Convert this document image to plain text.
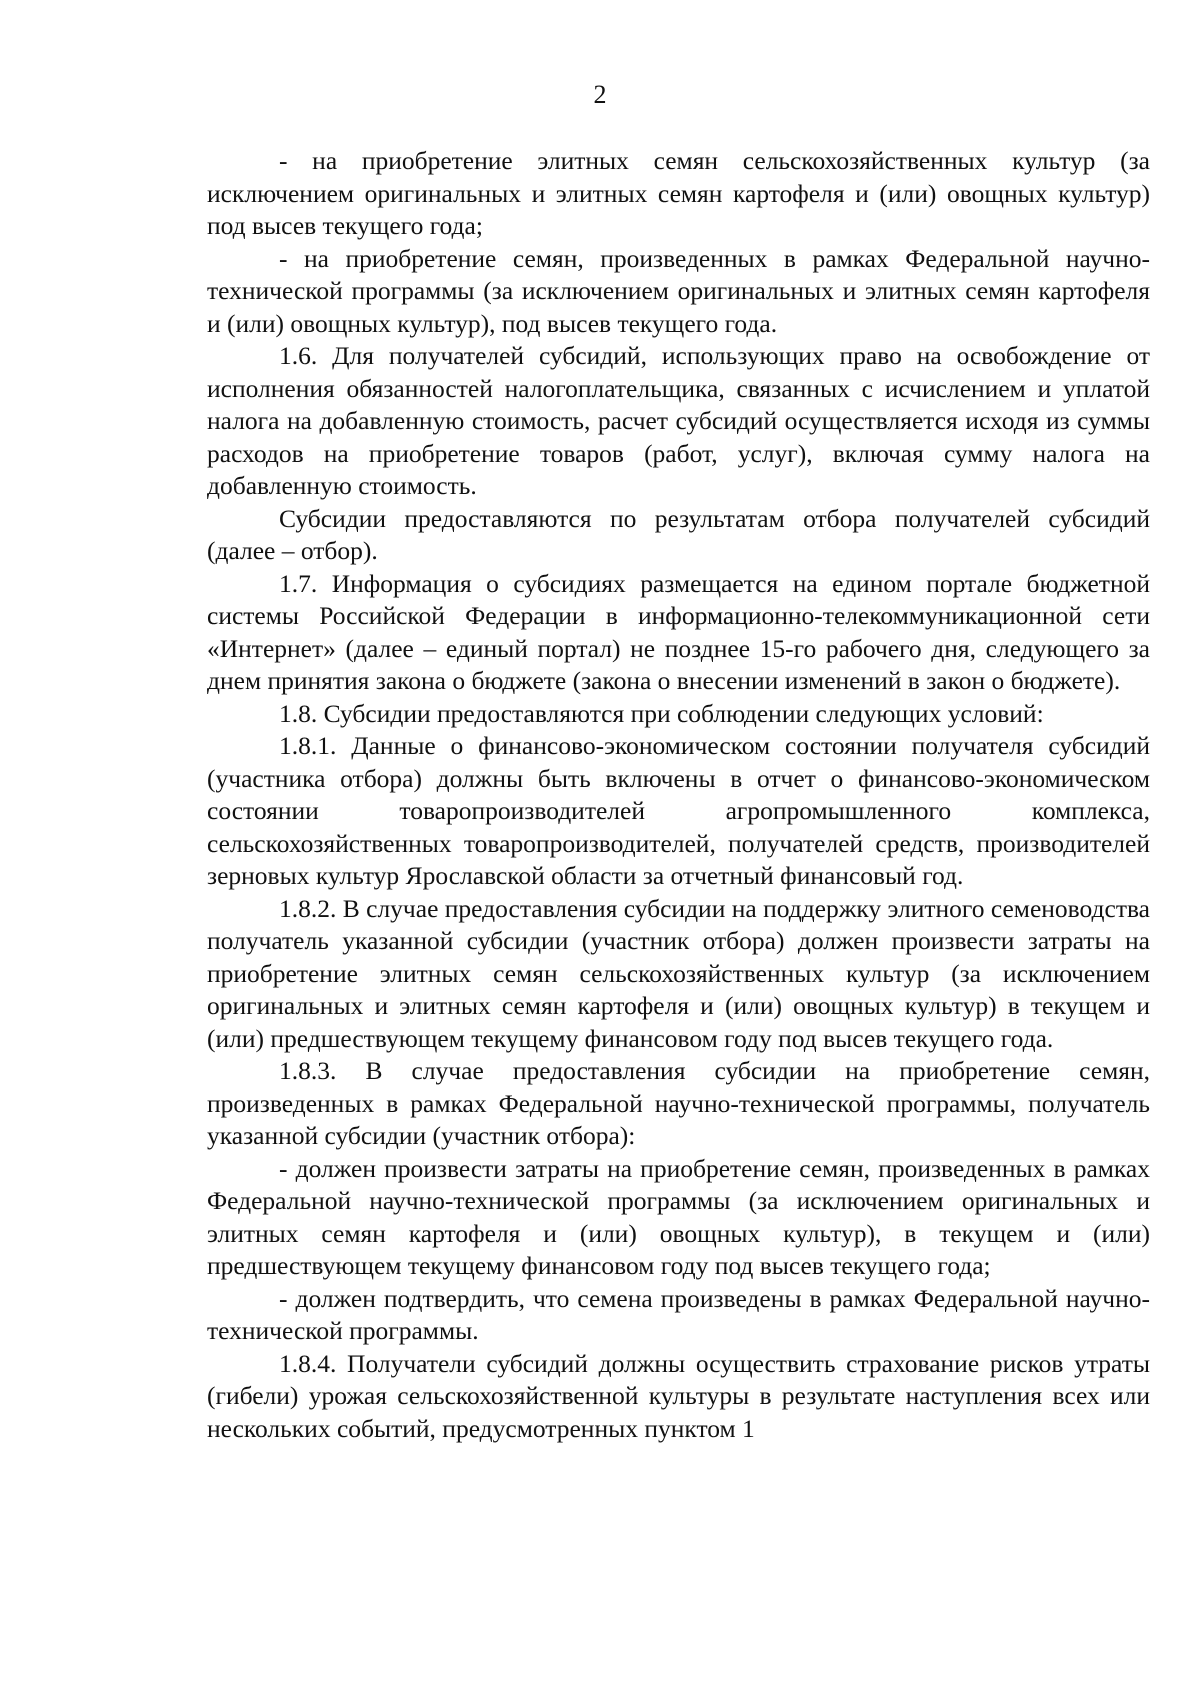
2

- на приобретение элитных семян сельскохозяйственных культур (за исключением оригинальных и элитных семян картофеля и (или) овощных культур) под высев текущего года;

- на приобретение семян, произведенных в рамках Федеральной научно-технической программы (за исключением оригинальных и элитных семян картофеля и (или) овощных культур), под высев текущего года.

1.6. Для получателей субсидий, использующих право на освобождение от исполнения обязанностей налогоплательщика, связанных с исчислением и уплатой налога на добавленную стоимость, расчет субсидий осуществляется исходя из суммы расходов на приобретение товаров (работ, услуг), включая сумму налога на добавленную стоимость.

Субсидии предоставляются по результатам отбора получателей субсидий (далее – отбор).

1.7. Информация о субсидиях размещается на едином портале бюджетной системы Российской Федерации в информационно-телекоммуникационной сети «Интернет» (далее – единый портал) не позднее 15-го рабочего дня, следующего за днем принятия закона о бюджете (закона о внесении изменений в закон о бюджете).

1.8. Субсидии предоставляются при соблюдении следующих условий:

1.8.1. Данные о финансово-экономическом состоянии получателя субсидий (участника отбора) должны быть включены в отчет о финансово-экономическом состоянии товаропроизводителей агропромышленного комплекса, сельскохозяйственных товаропроизводителей, получателей средств, производителей зерновых культур Ярославской области за отчетный финансовый год.

1.8.2. В случае предоставления субсидии на поддержку элитного семеноводства получатель указанной субсидии (участник отбора) должен произвести затраты на приобретение элитных семян сельскохозяйственных культур (за исключением оригинальных и элитных семян картофеля и (или) овощных культур) в текущем и (или) предшествующем текущему финансовом году под высев текущего года.

1.8.3. В случае предоставления субсидии на приобретение семян, произведенных в рамках Федеральной научно-технической программы, получатель указанной субсидии (участник отбора):

- должен произвести затраты на приобретение семян, произведенных в рамках Федеральной научно-технической программы (за исключением оригинальных и элитных семян картофеля и (или) овощных культур), в текущем и (или) предшествующем текущему финансовом году под высев текущего года;

- должен подтвердить, что семена произведены в рамках Федеральной научно-технической программы.

1.8.4. Получатели субсидий должны осуществить страхование рисков утраты (гибели) урожая сельскохозяйственной культуры в результате наступления всех или нескольких событий, предусмотренных пунктом 1
